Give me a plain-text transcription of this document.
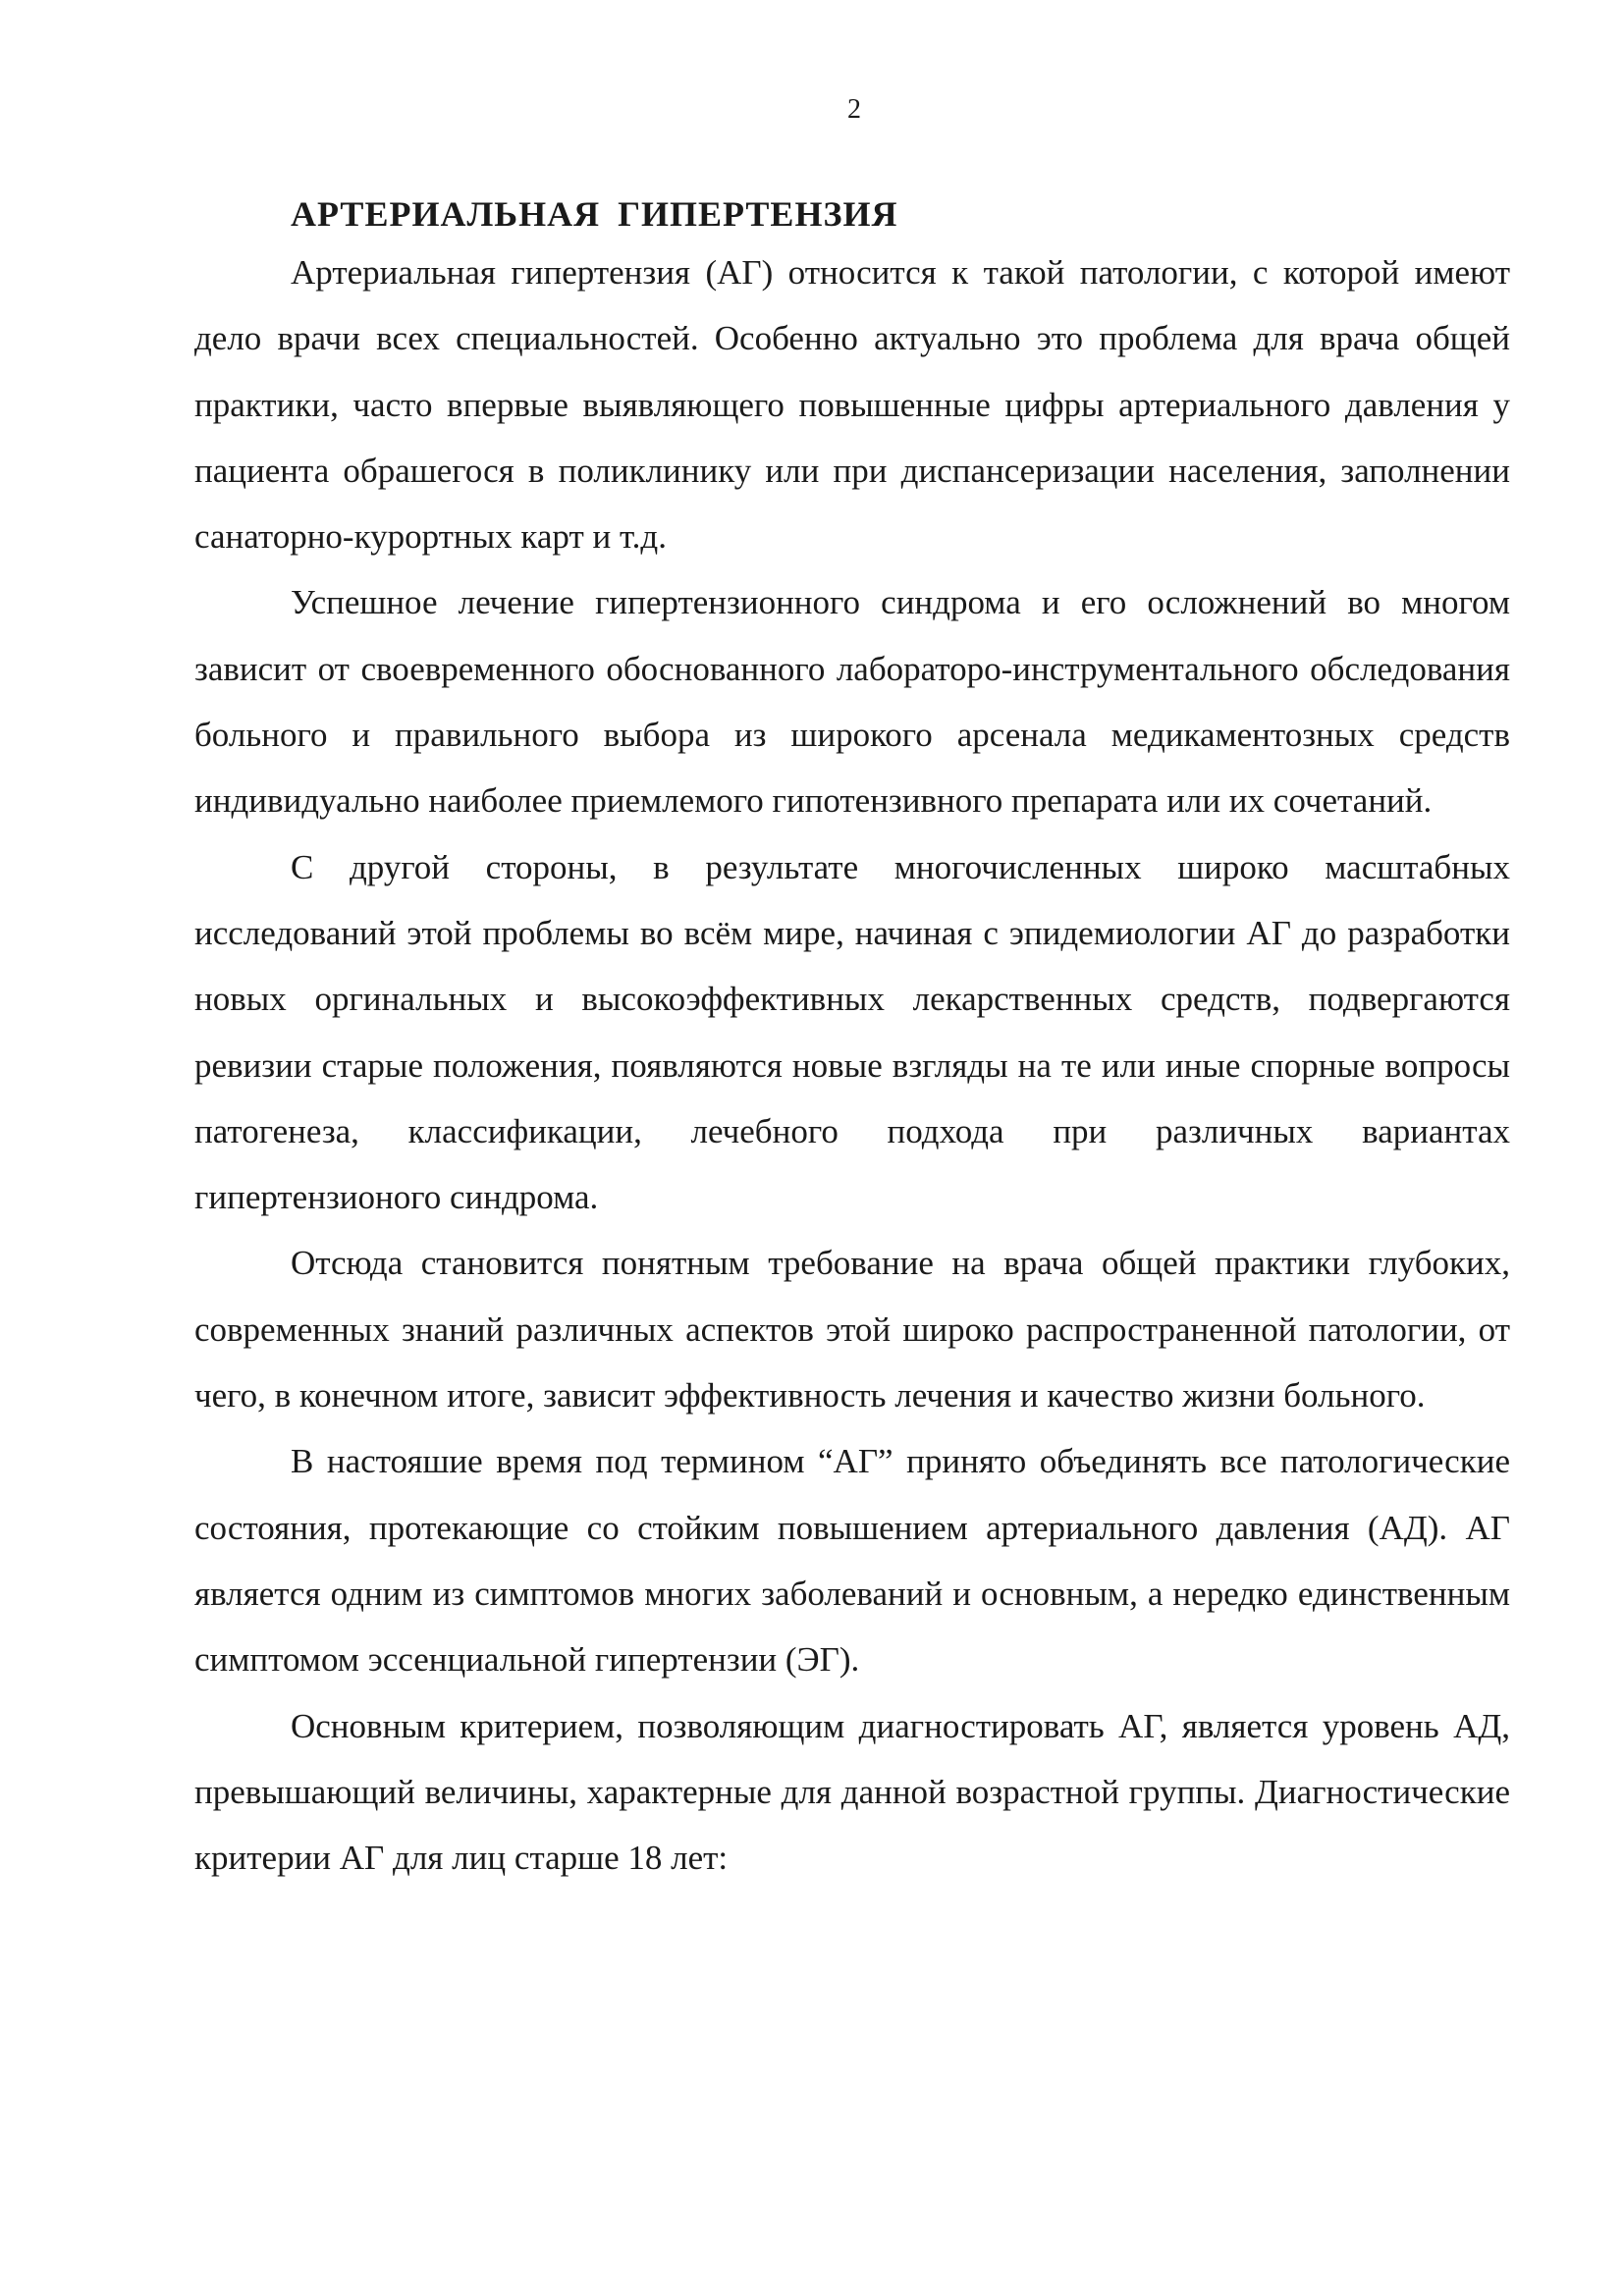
2
АРТЕРИАЛЬНАЯ ГИПЕРТЕНЗИЯ

Артериальная гипертензия (АГ) относится к такой патологии, с которой имеют дело врачи всех специальностей. Особенно актуально это проблема для врача общей практики, часто впервые выявляющего повышенные цифры артериального давления у пациента обрашегося в поликлинику или при диспансеризации населения, заполнении санаторно-курортных карт и т.д.

Успешное лечение гипертензионного синдрома и его осложнений во многом зависит от своевременного обоснованного лабораторо-инструментального обследования больного и правильного выбора из широкого арсенала медикаментозных средств индивидуально наиболее приемлемого гипотензивного препарата или их сочетаний.

С другой стороны, в результате многочисленных широко масштабных исследований этой проблемы во всём мире, начиная с эпидемиологии АГ до разработки новых оргинальных и высокоэффективных лекарственных средств, подвергаются ревизии старые положения, появляются новые взгляды на те или иные спорные вопросы патогенеза, классификации, лечебного подхода при различных вариантах гипертензионого синдрома.

Отсюда становится понятным требование на врача общей практики глубоких, современных знаний различных аспектов этой широко распространенной патологии, от чего, в конечном итоге, зависит эффективность лечения и качество жизни больного.

В настояшие время под термином “АГ” принято объединять все патологические состояния, протекающие со стойким повышением артериального давления (АД). АГ является одним из симптомов многих заболеваний и основным, а нередко единственным симптомом эссенциальной гипертензии (ЭГ).

Основным критерием, позволяющим диагностировать АГ, является уровень АД, превышающий величины, характерные для данной возрастной группы. Диагностические критерии АГ для лиц старше 18 лет:
